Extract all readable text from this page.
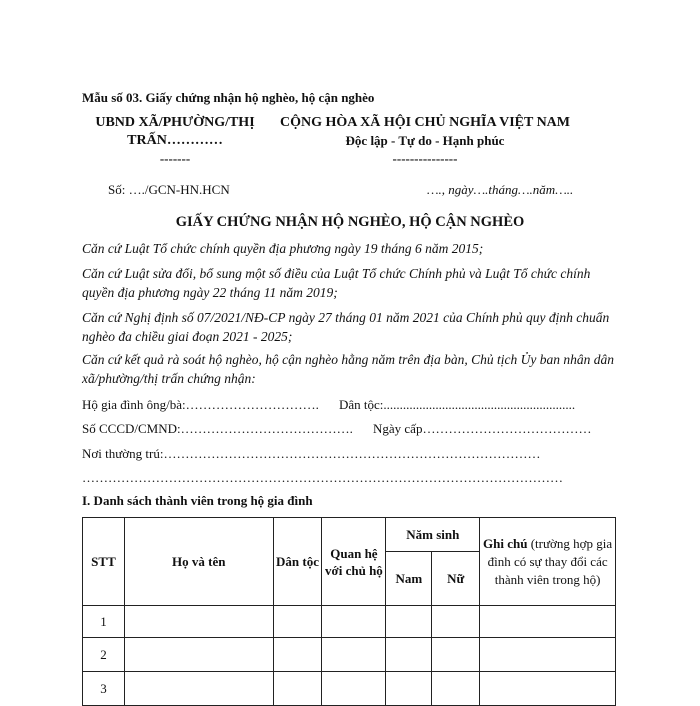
Mẫu số 03. Giấy chứng nhận hộ nghèo, hộ cận nghèo
UBND XÃ/PHƯỜNG/THỊ
TRẤN…………
-------
CỘNG HÒA XÃ HỘI CHỦ NGHĨA VIỆT NAM
Độc lập - Tự do - Hạnh phúc
---------------
Số: …./GCN-HN.HCN	…., ngày….tháng….năm…..
GIẤY CHỨNG NHẬN HỘ NGHÈO, HỘ CẬN NGHÈO
Căn cứ Luật Tổ chức chính quyền địa phương ngày 19 tháng 6 năm 2015;
Căn cứ Luật sửa đổi, bổ sung một số điều của Luật Tổ chức Chính phủ và Luật Tổ chức chính quyền địa phương ngày 22 tháng 11 năm 2019;
Căn cứ Nghị định số 07/2021/NĐ-CP ngày 27 tháng 01 năm 2021 của Chính phủ quy định chuẩn nghèo đa chiều giai đoạn 2021 - 2025;
Căn cứ kết quả rà soát hộ nghèo, hộ cận nghèo hằng năm trên địa bàn, Chủ tịch Ủy ban nhân dân xã/phường/thị trấn chứng nhận:
Hộ gia đình ông/bà:…………………………. Dân tộc:...........................................................
Số CCCD/CMND:…………………………………. Ngày cấp…………………………………
Nơi thường trú:……………………………………………………………………………
…………………………………………………………………………………………………
I. Danh sách thành viên trong hộ gia đình
STT	Họ và tên	Dân tộc	Quan hệ với chủ hộ	Năm sinh		Ghi chú (trường hợp gia đình có sự thay đổi các thành viên trong hộ)
				Nam	Nữ	
1						
2						
3						
